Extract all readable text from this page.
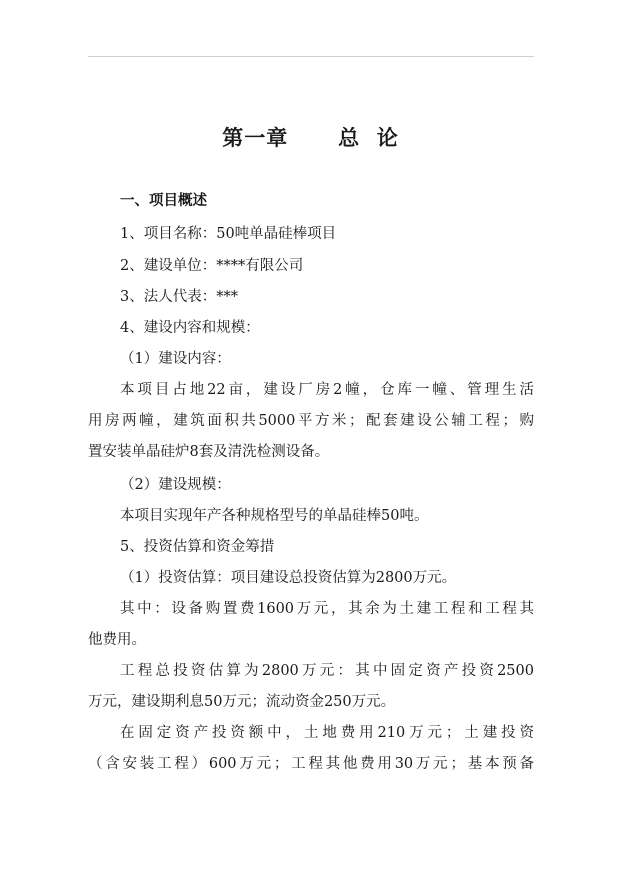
第一章 总  论
一、项目概述
1、项目名称：50吨单晶硅棒项目
2、建设单位：****有限公司
3、法人代表：***
4、建设内容和规模：
（1）建设内容：
本项目占地22亩，建设厂房2幢，仓库一幢、管理生活
用房两幢，建筑面积共5000平方米；配套建设公辅工程；购
置安装单晶硅炉8套及清洗检测设备。
（2）建设规模：
本项目实现年产各种规格型号的单晶硅棒50吨。
5、投资估算和资金筹措
（1）投资估算：项目建设总投资估算为2800万元。
其中：设备购置费1600万元，其余为土建工程和工程其
他费用。
工程总投资估算为2800万元：其中固定资产投资2500
万元，建设期利息50万元；流动资金250万元。
在固定资产投资额中，土地费用210万元；土建投资
（含安装工程）600万元；工程其他费用30万元；基本预备
